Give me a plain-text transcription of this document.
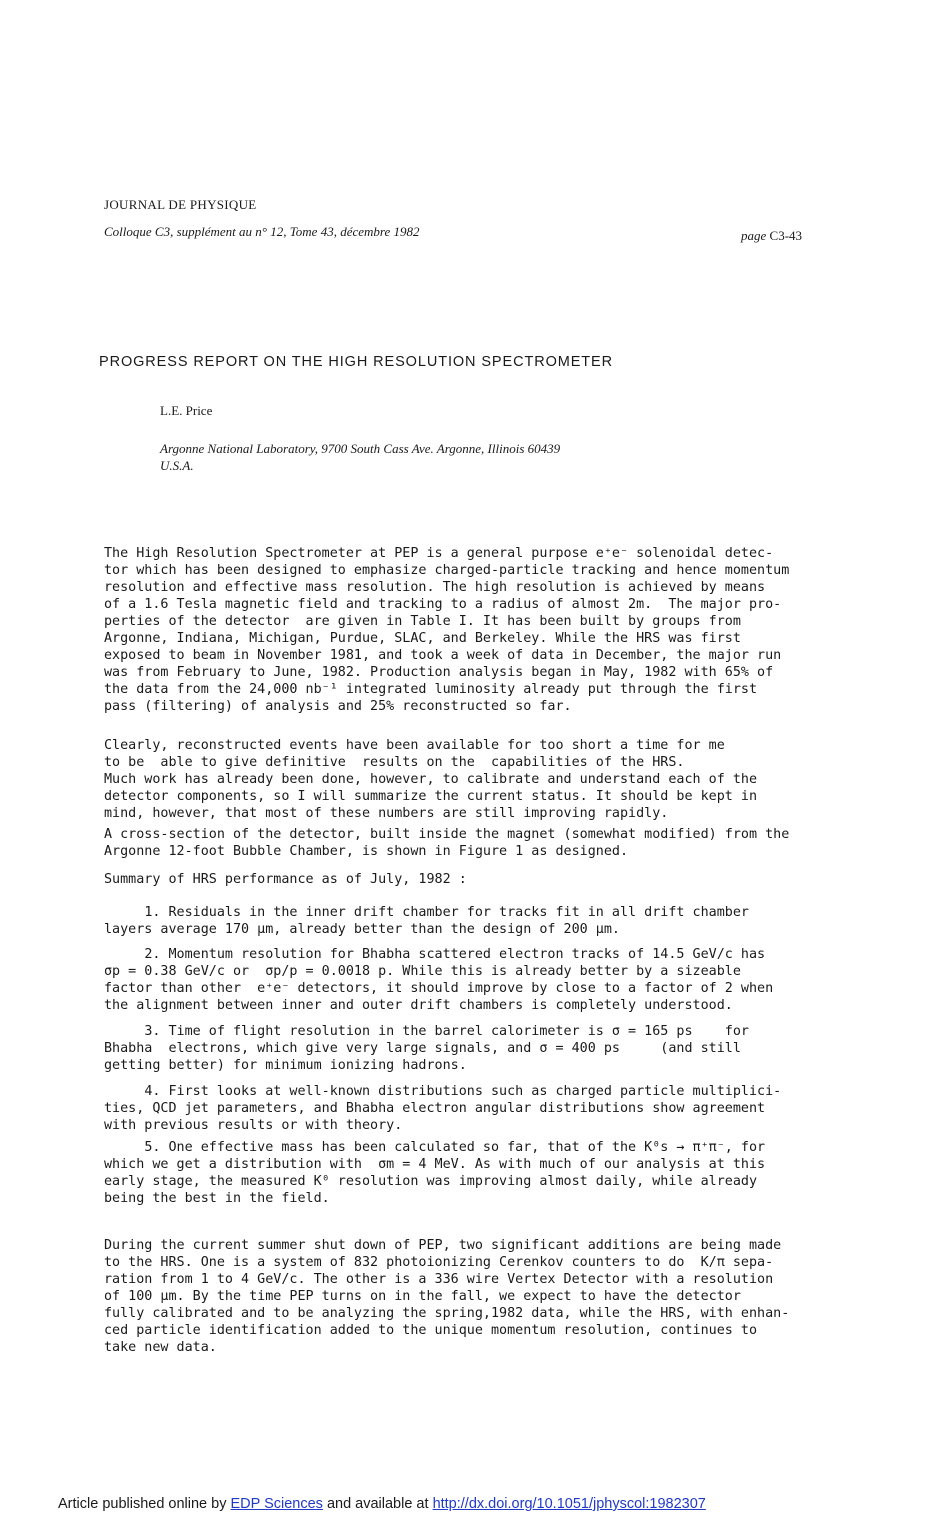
JOURNAL DE PHYSIQUE
Colloque C3, supplément au n° 12, Tome 43, décembre 1982	page C3-43
PROGRESS REPORT ON THE HIGH RESOLUTION SPECTROMETER
L.E. Price
Argonne National Laboratory, 9700 South Cass Ave. Argonne, Illinois 60439
U.S.A.

The High Resolution Spectrometer at PEP is a general purpose e⁺e⁻ solenoidal detec-
tor which has been designed to emphasize charged-particle tracking and hence momentum
resolution and effective mass resolution. The high resolution is achieved by means
of a 1.6 Tesla magnetic field and tracking to a radius of almost 2m.  The major pro-
perties of the detector  are given in Table I. It has been built by groups from
Argonne, Indiana, Michigan, Purdue, SLAC, and Berkeley. While the HRS was first
exposed to beam in November 1981, and took a week of data in December, the major run
was from February to June, 1982. Production analysis began in May, 1982 with 65% of
the data from the 24,000 nb⁻¹ integrated luminosity already put through the first
pass (filtering) of analysis and 25% reconstructed so far.

Clearly, reconstructed events have been available for too short a time for me
to be  able to give definitive  results on the  capabilities of the HRS.
Much work has already been done, however, to calibrate and understand each of the
detector components, so I will summarize the current status. It should be kept in
mind, however, that most of these numbers are still improving rapidly.

A cross-section of the detector, built inside the magnet (somewhat modified) from the
Argonne 12-foot Bubble Chamber, is shown in Figure 1 as designed.

Summary of HRS performance as of July, 1982 :

1. Residuals in the inner drift chamber for tracks fit in all drift chamber
layers average 170 μm, already better than the design of 200 μm.

2. Momentum resolution for Bhabha scattered electron tracks of 14.5 GeV/c has
σp = 0.38 GeV/c or  σp/p = 0.0018 p. While this is already better by a sizeable
factor than other  e⁺e⁻ detectors, it should improve by close to a factor of 2 when
the alignment between inner and outer drift chambers is completely understood.

3. Time of flight resolution in the barrel calorimeter is σ = 165 ps    for
Bhabha  electrons, which give very large signals, and σ = 400 ps     (and still
getting better) for minimum ionizing hadrons.

4. First looks at well-known distributions such as charged particle multiplici-
ties, QCD jet parameters, and Bhabha electron angular distributions show agreement
with previous results or with theory.

5. One effective mass has been calculated so far, that of the K⁰s → π⁺π⁻, for
which we get a distribution with  σm = 4 MeV. As with much of our analysis at this
early stage, the measured K⁰ resolution was improving almost daily, while already
being the best in the field.

During the current summer shut down of PEP, two significant additions are being made
to the HRS. One is a system of 832 photoionizing Cerenkov counters to do  K/π sepa-
ration from 1 to 4 GeV/c. The other is a 336 wire Vertex Detector with a resolution
of 100 μm. By the time PEP turns on in the fall, we expect to have the detector
fully calibrated and to be analyzing the spring,1982 data, while the HRS, with enhan-
ced particle identification added to the unique momentum resolution, continues to
take new data.

Article published online by EDP Sciences and available at http://dx.doi.org/10.1051/jphyscol:1982307
